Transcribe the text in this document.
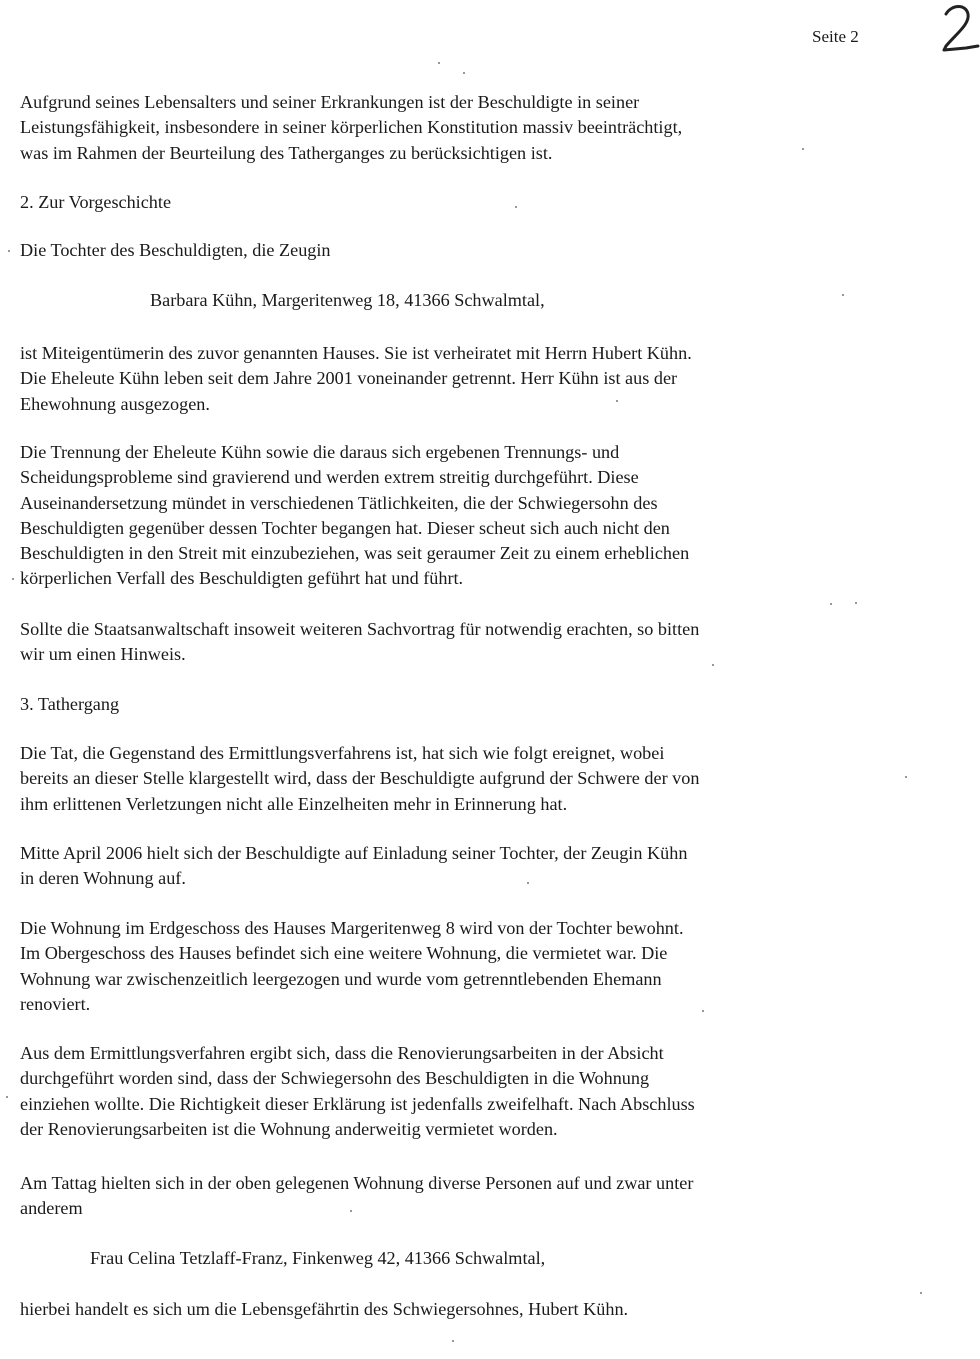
Seite 2
Aufgrund seines Lebensalters und seiner Erkrankungen ist der Beschuldigte in seiner
Leistungsfähigkeit, insbesondere in seiner körperlichen Konstitution massiv beeinträchtigt,
was im Rahmen der Beurteilung des Tatherganges zu berücksichtigen ist.
2. Zur Vorgeschichte
Die Tochter des Beschuldigten, die Zeugin
Barbara Kühn, Margeritenweg 18, 41366 Schwalmtal,
ist Miteigentümerin des zuvor genannten Hauses. Sie ist verheiratet mit Herrn Hubert Kühn.
Die Eheleute Kühn leben seit dem Jahre 2001 voneinander getrennt. Herr Kühn ist aus der
Ehewohnung ausgezogen.
Die Trennung der Eheleute Kühn sowie die daraus sich ergebenen Trennungs- und
Scheidungsprobleme sind gravierend und werden extrem streitig durchgeführt. Diese
Auseinandersetzung mündet in verschiedenen Tätlichkeiten, die der Schwiegersohn des
Beschuldigten gegenüber dessen Tochter begangen hat. Dieser scheut sich auch nicht den
Beschuldigten in den Streit mit einzubeziehen, was seit geraumer Zeit zu einem erheblichen
körperlichen Verfall des Beschuldigten geführt hat und führt.
Sollte die Staatsanwaltschaft insoweit weiteren Sachvortrag für notwendig erachten, so bitten
wir um einen Hinweis.
3. Tathergang
Die Tat, die Gegenstand des Ermittlungsverfahrens ist, hat sich wie folgt ereignet, wobei
bereits an dieser Stelle klargestellt wird, dass der Beschuldigte aufgrund der Schwere der von
ihm erlittenen Verletzungen nicht alle Einzelheiten mehr in Erinnerung hat.
Mitte April 2006 hielt sich der Beschuldigte auf Einladung seiner Tochter, der Zeugin Kühn
in deren Wohnung auf.
Die Wohnung im Erdgeschoss des Hauses Margeritenweg 8 wird von der Tochter bewohnt.
Im Obergeschoss des Hauses befindet sich eine weitere Wohnung, die vermietet war. Die
Wohnung war zwischenzeitlich leergezogen und wurde vom getrenntlebenden Ehemann
renoviert.
Aus dem Ermittlungsverfahren ergibt sich, dass die Renovierungsarbeiten in der Absicht
durchgeführt worden sind, dass der Schwiegersohn des Beschuldigten in die Wohnung
einziehen wollte. Die Richtigkeit dieser Erklärung ist jedenfalls zweifelhaft. Nach Abschluss
der Renovierungsarbeiten ist die Wohnung anderweitig vermietet worden.
Am Tattag hielten sich in der oben gelegenen Wohnung diverse Personen auf und zwar unter
anderem
Frau Celina Tetzlaff-Franz, Finkenweg 42, 41366 Schwalmtal,
hierbei handelt es sich um die Lebensgefährtin des Schwiegersohnes, Hubert Kühn.
